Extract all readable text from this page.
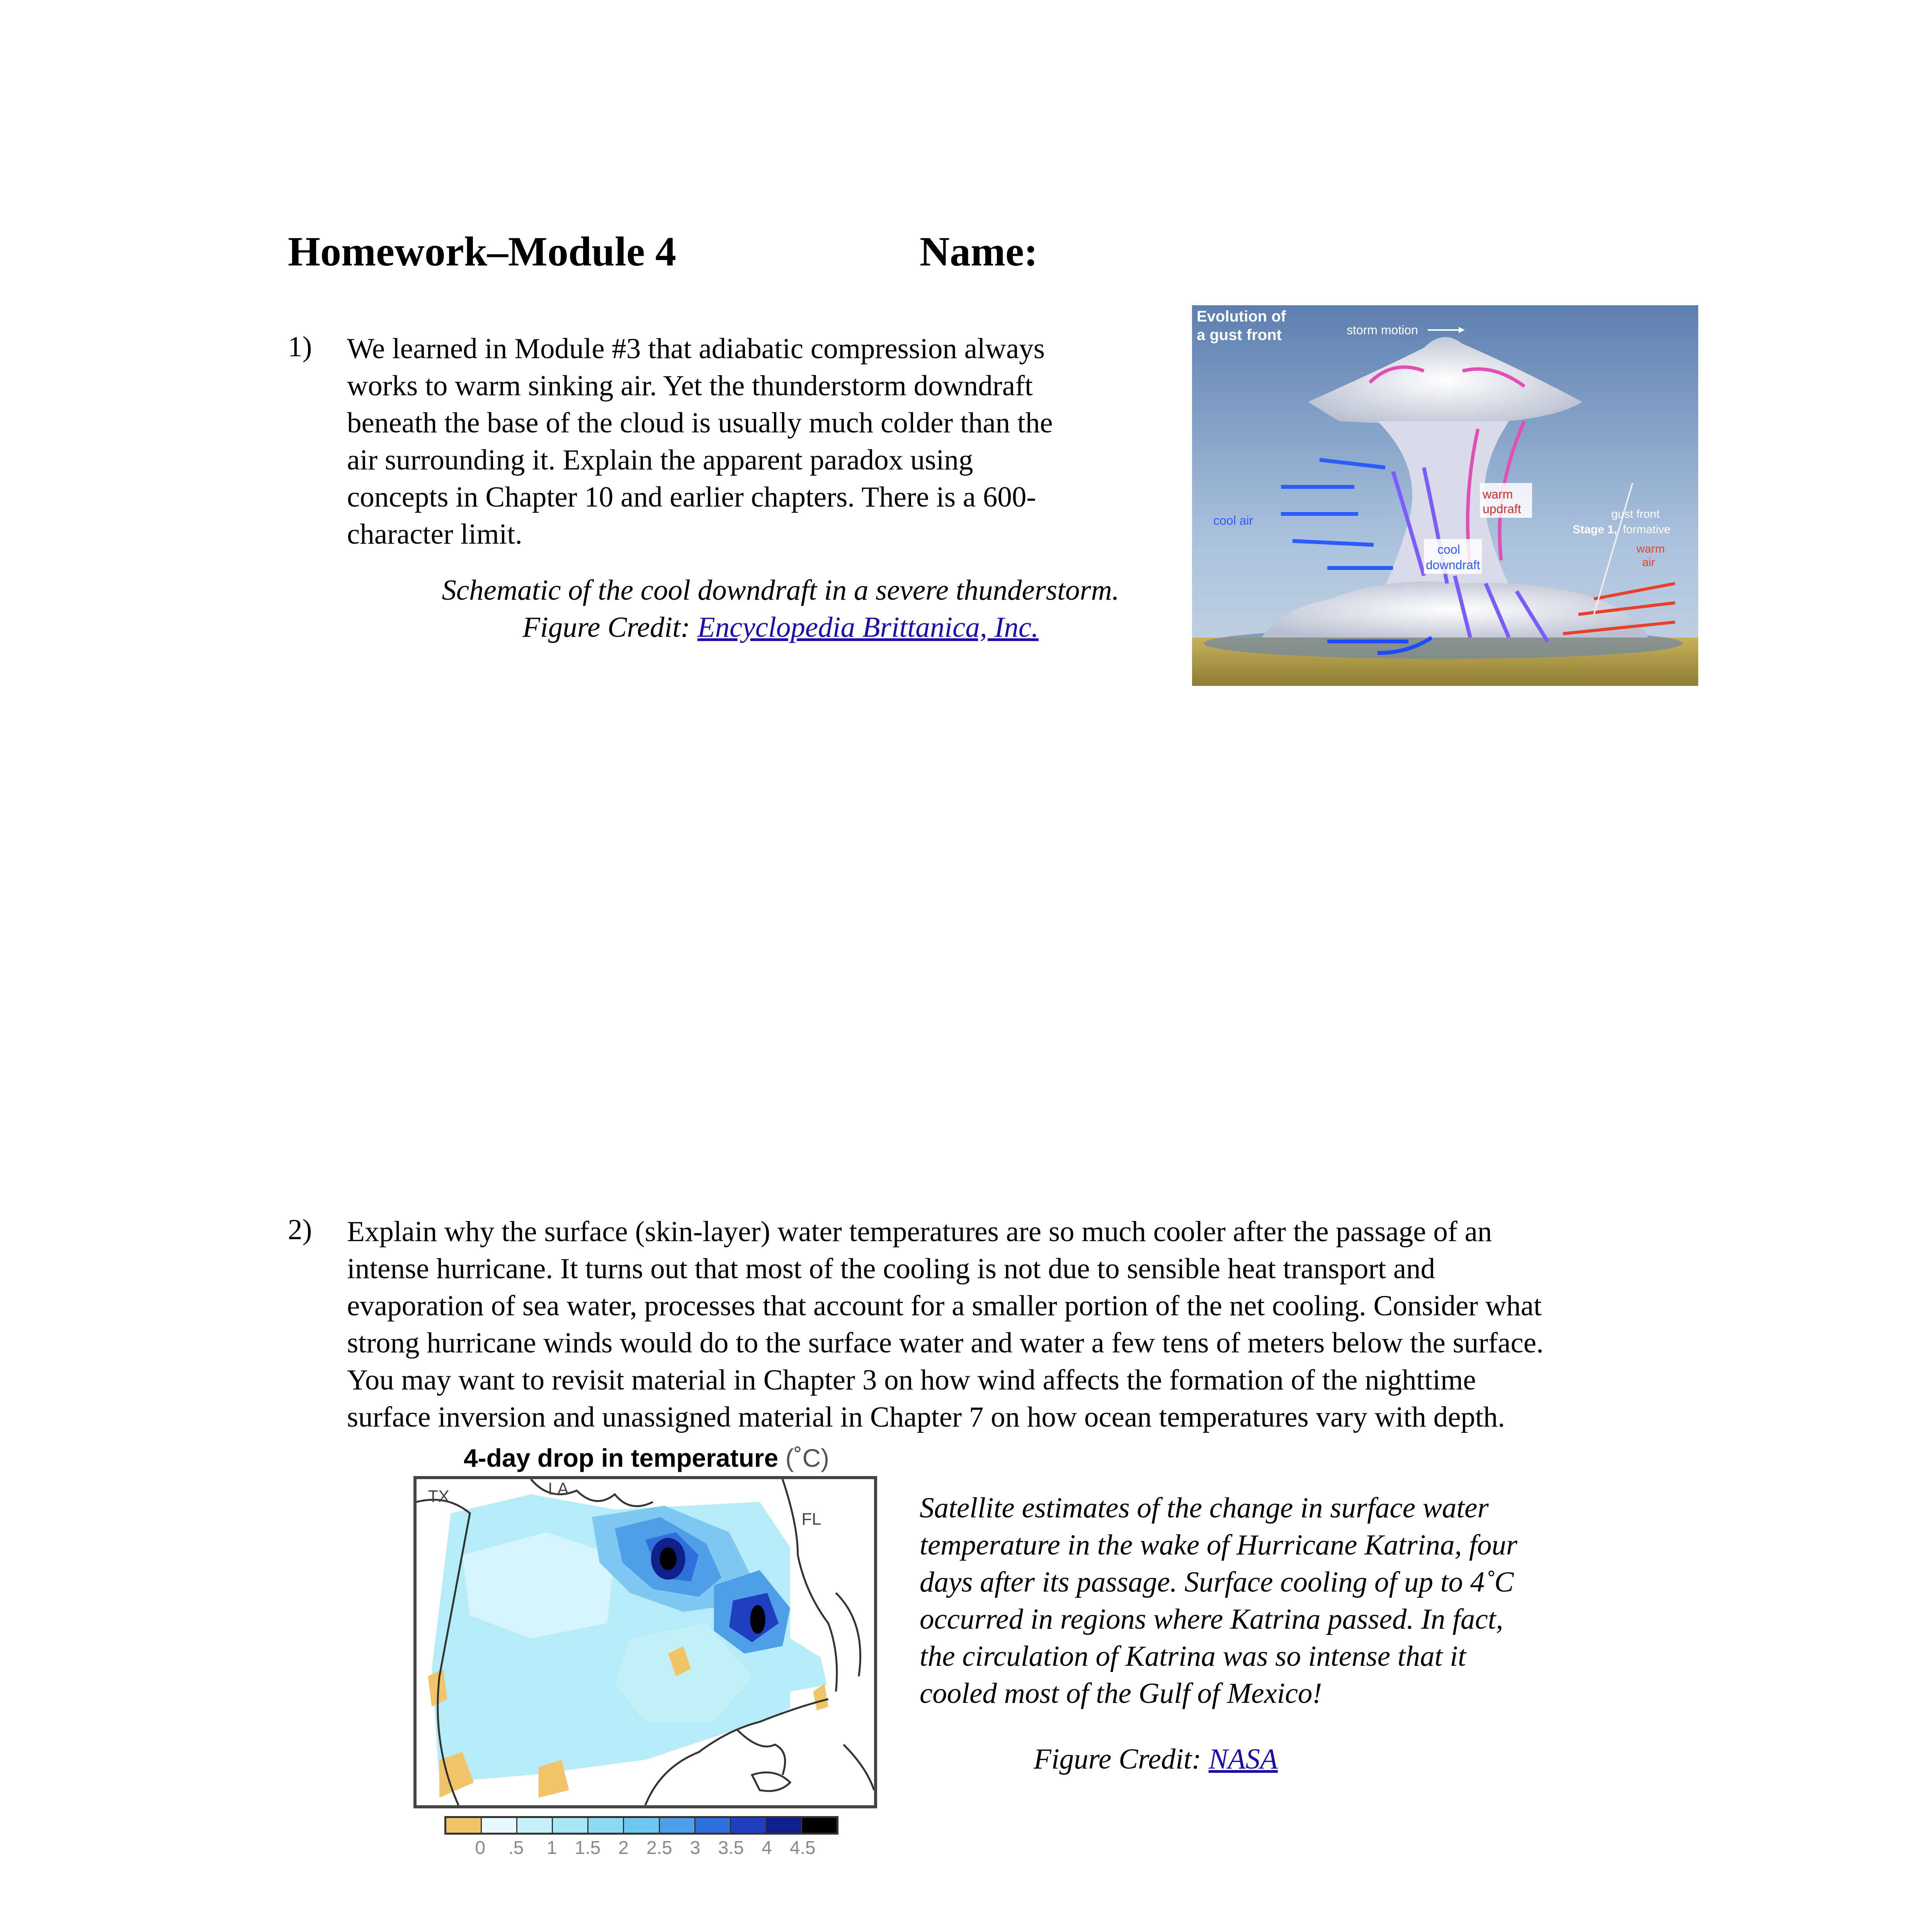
Homework–Module 4	Name:
1) We learned in Module #3 that adiabatic compression always
works to warm sinking air. Yet the thunderstorm downdraft
beneath the base of the cloud is usually much colder than the
air surrounding it. Explain the apparent paradox using
concepts in Chapter 10 and earlier chapters. There is a 600-
character limit.
Schematic of the cool downdraft in a severe thunderstorm.
Figure Credit: Encyclopedia Brittanica, Inc.
Evolution of
a gust front	storm motion
cool air
warm
updraft
cool
downdraft
gust front
Stage 1, formative
warm
air
2) Explain why the surface (skin-layer) water temperatures are so much cooler after the passage of an
intense hurricane. It turns out that most of the cooling is not due to sensible heat transport and
evaporation of sea water, processes that account for a smaller portion of the net cooling. Consider what
strong hurricane winds would do to the surface water and water a few tens of meters below the surface.
You may want to revisit material in Chapter 3 on how wind affects the formation of the nighttime
surface inversion and unassigned material in Chapter 7 on how ocean temperatures vary with depth.
4-day drop in temperature (˚C)
TX	LA
FL
0 .5 1 1.5 2 2.5 3 3.5 4 4.5
Satellite estimates of the change in surface water
temperature in the wake of Hurricane Katrina, four
days after its passage. Surface cooling of up to 4˚C
occurred in regions where Katrina passed. In fact,
the circulation of Katrina was so intense that it
cooled most of the Gulf of Mexico!
Figure Credit: NASA
